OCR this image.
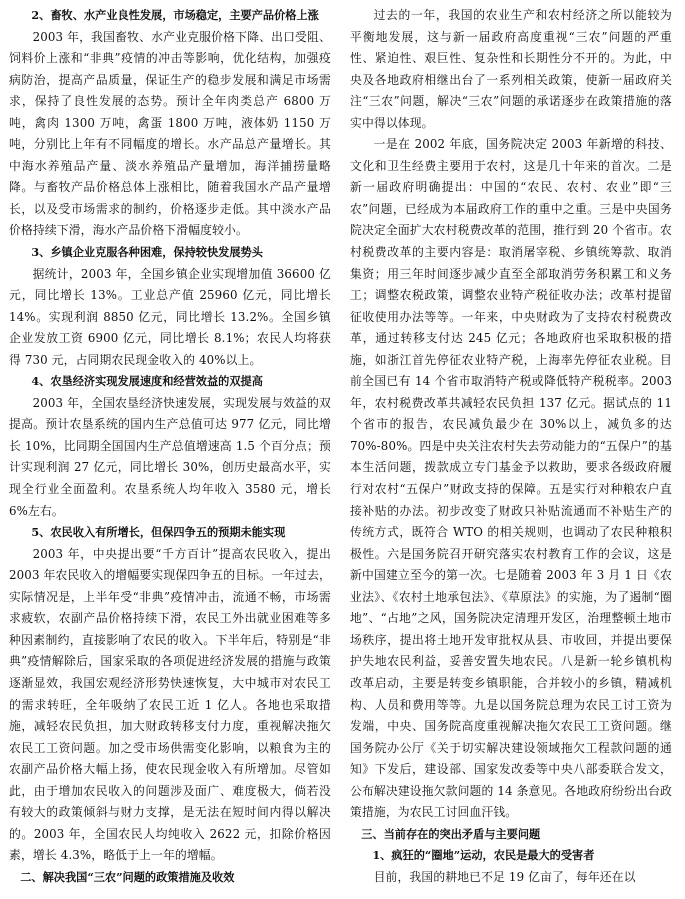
2、畜牧、水产业良性发展，市场稳定，主要产品价格上涨

2003 年，我国畜牧、水产业克服价格下降、出口受阻、饲料价上涨和“非典”疫情的冲击等影响，优化结构，加强疫病防治，提高产品质量，保证生产的稳步发展和满足市场需求，保持了良性发展的态势。预计全年肉类总产 6800 万吨，禽肉 1300 万吨，禽蛋 1800 万吨，液体奶 1150 万吨，分别比上年有不同幅度的增长。水产品总产量增长。其中海水养殖品产量、淡水养殖品产量增加，海洋捕捞量略降。与畜牧产品价格总体上涨相比，随着我国水产品产量增长，以及受市场需求的制约，价格逐步走低。其中淡水产品价格持续下滑，海水产品价格下滑幅度较小。

3、乡镇企业克服各种困难，保持较快发展势头

据统计，2003 年，全国乡镇企业实现增加值 36600 亿元，同比增长 13%。工业总产值 25960 亿元，同比增长 14%。实现利润 8850 亿元，同比增长 13.2%。全国乡镇企业发放工资 6900 亿元，同比增长 8.1%；农民人均将获得 730 元，占同期农民现金收入的 40%以上。

4、农垦经济实现发展速度和经营效益的双提高

2003 年，全国农垦经济快速发展，实现发展与效益的双提高。预计农垦系统的国内生产总值可达 977 亿元，同比增长 10%，比同期全国国内生产总值增速高 1.5 个百分点；预计实现利润 27 亿元，同比增长 30%，创历史最高水平，实现全行业全面盈利。农垦系统人均年收入 3580 元，增长 6%左右。

5、农民收入有所增长，但保四争五的预期未能实现

2003 年，中央提出要“千方百计”提高农民收入，提出 2003 年农民收入的增幅要实现保四争五的目标。一年过去，实际情况是，上半年受“非典”疫情冲击，流通不畅，市场需求疲软，农副产品价格持续下滑，农民工外出就业困难等多种因素制约，直接影响了农民的收入。下半年后，特别是“非典”疫情解除后，国家采取的各项促进经济发展的措施与政策逐渐显效，我国宏观经济形势快速恢复，大中城市对农民工的需求转旺，全年吸纳了农民工近 1 亿人。各地也采取措施，减轻农民负担，加大财政转移支付力度，重视解决拖欠农民工工资问题。加之受市场供需变化影响，以粮食为主的农副产品价格大幅上扬，使农民现金收入有所增加。尽管如此，由于增加农民收入的问题涉及面广、难度极大，倘若没有较大的政策倾斜与财力支撑，是无法在短时间内得以解决的。2003 年，全国农民人均纯收入 2622 元，扣除价格因素，增长 4.3%，略低于上一年的增幅。

二、解决我国“三农”问题的政策措施及收效

过去的一年，我国的农业生产和农村经济之所以能较为平衡地发展，这与新一届政府高度重视“三农”问题的严重性、紧迫性、艰巨性、复杂性和长期性分不开的。为此，中央及各地政府相继出台了一系列相关政策，使新一届政府关注“三农”问题，解决“三农”问题的承诺逐步在政策措施的落实中得以体现。

一是在 2002 年底，国务院决定 2003 年新增的科技、文化和卫生经费主要用于农村，这是几十年来的首次。二是新一届政府明确提出：中国的“农民、农村、农业”即“三农”问题，已经成为本届政府工作的重中之重。三是中央国务院决定全面扩大农村税费改革的范围，推行到 20 个省市。农村税费改革的主要内容是：取消屠宰税、乡镇统筹款、取消集资；用三年时间逐步减少直至全部取消劳务积累工和义务工；调整农税政策，调整农业特产税征收办法；改革村提留征收使用办法等等。一年来，中央财政为了支持农村税费改革，通过转移支付达 245 亿元；各地政府也采取积极的措施，如浙江首先停征农业特产税，上海率先停征农业税。目前全国已有 14 个省市取消特产税或降低特产税税率。2003 年，农村税费改革共减轻农民负担 137 亿元。据试点的 11 个省市的报告，农民减负最少在 30%以上，减负多的达 70%-80%。四是中央关注农村失去劳动能力的“五保户”的基本生活问题，拨款成立专门基金予以救助，要求各级政府履行对农村“五保户”财政支持的保障。五是实行对种粮农户直接补贴的办法。初步改变了财政只补贴流通而不补贴生产的传统方式，既符合 WTO 的相关规则，也调动了农民种粮积极性。六是国务院召开研究落实农村教育工作的会议，这是新中国建立至今的第一次。七是随着 2003 年 3 月 1 日《农业法》、《农村土地承包法》、《草原法》的实施，为了遏制“圈地”、“占地”之风，国务院决定清理开发区，治理整顿土地市场秩序，提出将土地开发审批权从县、市收回，并提出要保护失地农民利益，妥善安置失地农民。八是新一轮乡镇机构改革启动，主要是转变乡镇职能，合并较小的乡镇，精减机构、人员和费用等等。九是以国务院总理为农民工讨工资为发端，中央、国务院高度重视解决拖欠农民工工资问题。继国务院办公厅《关于切实解决建设领域拖欠工程款问题的通知》下发后，建设部、国家发改委等中央八部委联合发文，公布解决建设拖欠款问题的 14 条意见。各地政府纷纷出台政策措施，为农民工讨回血汗钱。

三、当前存在的突出矛盾与主要问题
1、疯狂的“圈地”运动，农民是最大的受害者

目前，我国的耕地已不足 19 亿亩了，每年还在以
